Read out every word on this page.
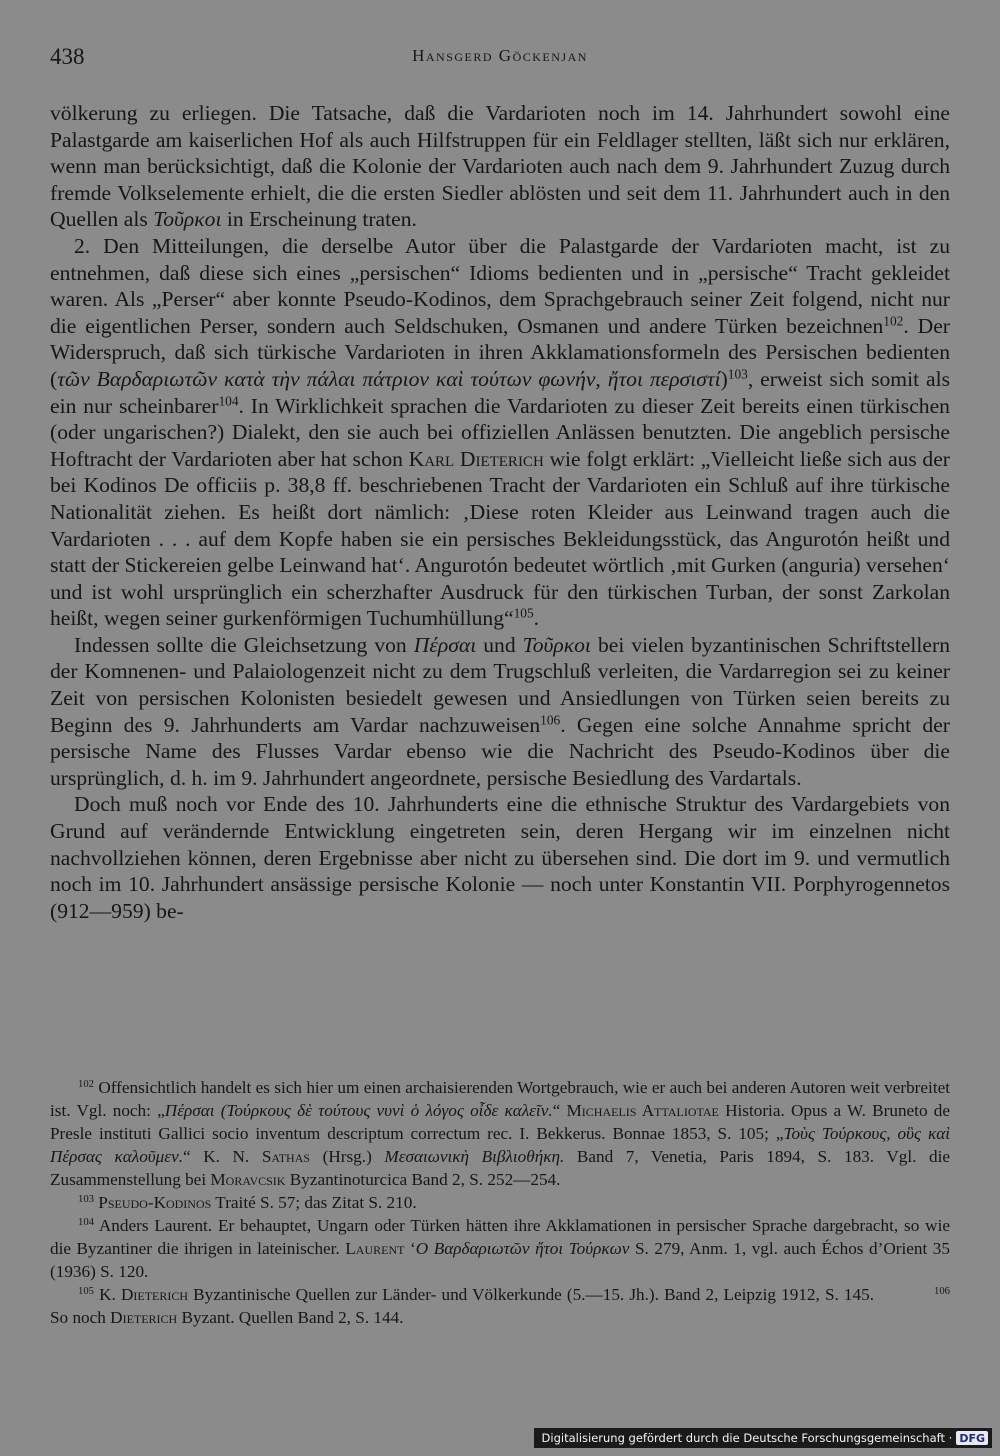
438	Hansgerd Göckenjan

völkerung zu erliegen. Die Tatsache, daß die Vardarioten noch im 14. Jahrhundert sowohl eine Palastgarde am kaiserlichen Hof als auch Hilfstruppen für ein Feldlager stellten, läßt sich nur erklären, wenn man berücksichtigt, daß die Kolonie der Vardarioten auch nach dem 9. Jahrhundert Zuzug durch fremde Volkselemente erhielt, die die ersten Siedler ablösten und seit dem 11. Jahrhundert auch in den Quellen als Τοῦρκοι in Erscheinung traten.

2. Den Mitteilungen, die derselbe Autor über die Palastgarde der Vardarioten macht, ist zu entnehmen, daß diese sich eines „persischen“ Idioms bedienten und in „persische“ Tracht gekleidet waren. Als „Perser“ aber konnte Pseudo-Kodinos, dem Sprachgebrauch seiner Zeit folgend, nicht nur die eigentlichen Perser, sondern auch Seldschuken, Osmanen und andere Türken bezeichnen$^{102}$. Der Widerspruch, daß sich türkische Vardarioten in ihren Akklamationsformeln des Persischen bedienten (τῶν Βαρδαριωτῶν κατὰ τὴν πάλαι πάτριον καὶ τούτων φωνήν, ἤτοι περσιστί)$^{103}$, erweist sich somit als ein nur scheinbarer$^{104}$. In Wirklichkeit sprachen die Vardarioten zu dieser Zeit bereits einen türkischen (oder ungarischen?) Dialekt, den sie auch bei offiziellen Anlässen benutzten. Die angeblich persische Hoftracht der Vardarioten aber hat schon Karl Dieterich wie folgt erklärt: „Vielleicht ließe sich aus der bei Kodinos De officiis p. 38,8 ff. beschriebenen Tracht der Vardarioten ein Schluß auf ihre türkische Nationalität ziehen. Es heißt dort nämlich: ‚Diese roten Kleider aus Leinwand tragen auch die Vardarioten . . . auf dem Kopfe haben sie ein persisches Bekleidungsstück, das Angurotón heißt und statt der Stickereien gelbe Leinwand hat‘. Angurotón bedeutet wörtlich ‚mit Gurken (anguria) versehen‘ und ist wohl ursprünglich ein scherzhafter Ausdruck für den türkischen Turban, der sonst Zarkolan heißt, wegen seiner gurkenförmigen Tuchumhüllung“$^{105}$.

Indessen sollte die Gleichsetzung von Πέρσαι und Τοῦρκοι bei vielen byzantinischen Schriftstellern der Komnenen- und Palaiologenzeit nicht zu dem Trugschluß verleiten, die Vardarregion sei zu keiner Zeit von persischen Kolonisten besiedelt gewesen und Ansiedlungen von Türken seien bereits zu Beginn des 9. Jahrhunderts am Vardar nachzuweisen$^{106}$. Gegen eine solche Annahme spricht der persische Name des Flusses Vardar ebenso wie die Nachricht des Pseudo-Kodinos über die ursprünglich, d. h. im 9. Jahrhundert angeordnete, persische Besiedlung des Vardartals.

Doch muß noch vor Ende des 10. Jahrhunderts eine die ethnische Struktur des Vardargebiets von Grund auf verändernde Entwicklung eingetreten sein, deren Hergang wir im einzelnen nicht nachvollziehen können, deren Ergebnisse aber nicht zu übersehen sind. Die dort im 9. und vermutlich noch im 10. Jahrhundert ansässige persische Kolonie — noch unter Konstantin VII. Porphyrogennetos (912—959) be-

$^{102}$ Offensichtlich handelt es sich hier um einen archaisierenden Wortgebrauch, wie er auch bei anderen Autoren weit verbreitet ist. Vgl. noch: „Πέρσαι (Τούρκους δὲ τούτους νυνὶ ὁ λόγος οἶδε καλεῖν.“ Michaelis Attaliotae Historia. Opus a W. Bruneto de Presle instituti Gallici socio inventum descriptum correctum rec. I. Bekkerus. Bonnae 1853, S. 105; „Τοὺς Τούρκους, οὓς καὶ Πέρσας καλοῦμεν.“ K. N. Sathas (Hrsg.) Μεσαιωνικὴ Βιβλιοθήκη. Band 7, Venetia, Paris 1894, S. 183. Vgl. die Zusammenstellung bei Moravcsik Byzantinoturcica Band 2, S. 252—254.

$^{103}$ Pseudo-Kodinos Traité S. 57; das Zitat S. 210.

$^{104}$ Anders Laurent. Er behauptet, Ungarn oder Türken hätten ihre Akklamationen in persischer Sprache dargebracht, so wie die Byzantiner die ihrigen in lateinischer. Laurent ‘Ο Βαρδαριωτῶν ἤτοι Τούρκων S. 279, Anm. 1, vgl. auch Échos d’Orient 35 (1936) S. 120.

$^{105}$ K. Dieterich Byzantinische Quellen zur Länder- und Völkerkunde (5.—15. Jh.). Band 2, Leipzig 1912, S. 145.	$^{106}$ So noch Dieterich Byzant. Quellen Band 2, S. 144.

Digitalisierung gefördert durch die Deutsche Forschungsgemeinschaft · DFG
